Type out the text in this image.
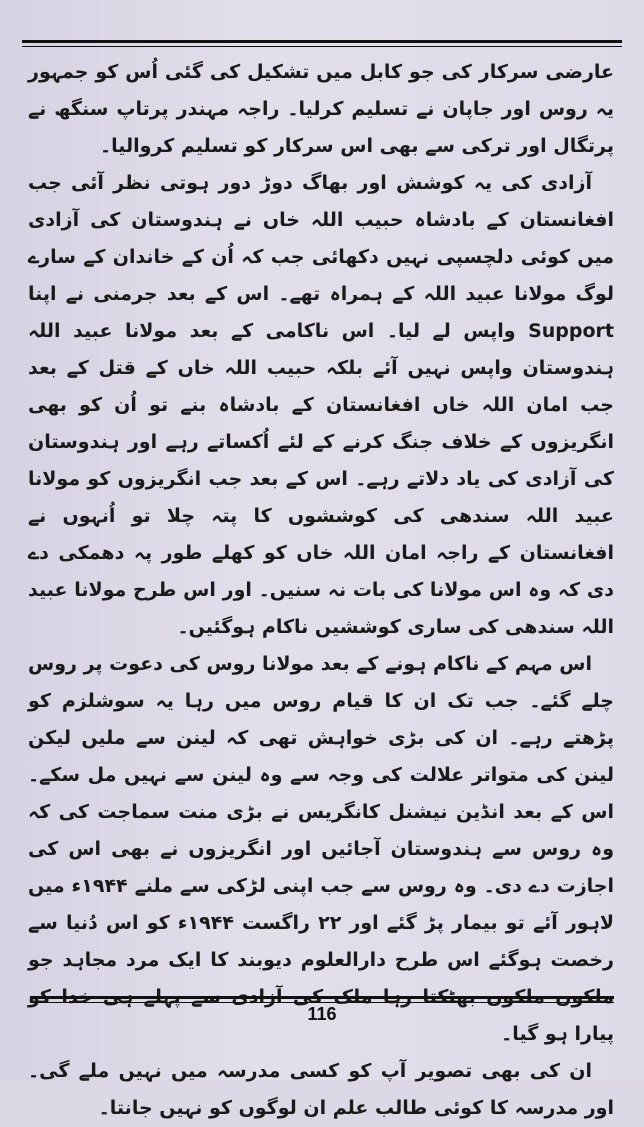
عارضی سرکار کی جو کابل میں تشکیل کی گئی اُس کو جمہور یہ روس اور جاپان نے تسلیم کرلیا۔ راجہ مہندر پرتاپ سنگھ نے پرتگال اور ترکی سے بھی اس سرکار کو تسلیم کروالیا۔

آزادی کی یہ کوشش اور بھاگ دوڑ دور ہوتی نظر آئی جب افغانستان کے بادشاہ حبیب اللہ خاں نے ہندوستان کی آزادی میں کوئی دلچسپی نہیں دکھائی جب کہ اُن کے خاندان کے سارے لوگ مولانا عبید اللہ کے ہمراہ تھے۔ اس کے بعد جرمنی نے اپنا Support واپس لے لیا۔ اس ناکامی کے بعد مولانا عبید اللہ ہندوستان واپس نہیں آئے بلکہ حبیب اللہ خاں کے قتل کے بعد جب امان اللہ خاں افغانستان کے بادشاہ بنے تو اُن کو بھی انگریزوں کے خلاف جنگ کرنے کے لئے اُکساتے رہے اور ہندوستان کی آزادی کی یاد دلاتے رہے۔ اس کے بعد جب انگریزوں کو مولانا عبید اللہ سندھی کی کوششوں کا پتہ چلا تو اُنہوں نے افغانستان کے راجہ امان اللہ خاں کو کھلے طور پہ دھمکی دے دی کہ وہ اس مولانا کی بات نہ سنیں۔ اور اس طرح مولانا عبید اللہ سندھی کی ساری کوششیں ناکام ہوگئیں۔

اس مہم کے ناکام ہونے کے بعد مولانا روس کی دعوت پر روس چلے گئے۔ جب تک ان کا قیام روس میں رہا یہ سوشلزم کو پڑھتے رہے۔ ان کی بڑی خواہش تھی کہ لینن سے ملیں لیکن لینن کی متواتر علالت کی وجہ سے وہ لینن سے نہیں مل سکے۔ اس کے بعد انڈین نیشنل کانگریس نے بڑی منت سماجت کی کہ وہ روس سے ہندوستان آجائیں اور انگریزوں نے بھی اس کی اجازت دے دی۔ وہ روس سے جب اپنی لڑکی سے ملنے ۱۹۴۴ء میں لاہور آئے تو بیمار پڑ گئے اور ۲۲ راگست ۱۹۴۴ء کو اس دُنیا سے رخصت ہوگئے اس طرح دارالعلوم دیوبند کا ایک مرد مجاہد جو ملکوں ملکوں بھٹکتا رہا ملک کی آزادی سے پہلے ہی خدا کو پیارا ہو گیا۔

ان کی بھی تصویر آپ کو کسی مدرسہ میں نہیں ملے گی۔ اور مدرسہ کا کوئی طالب علم ان لوگوں کو نہیں جانتا۔

116
